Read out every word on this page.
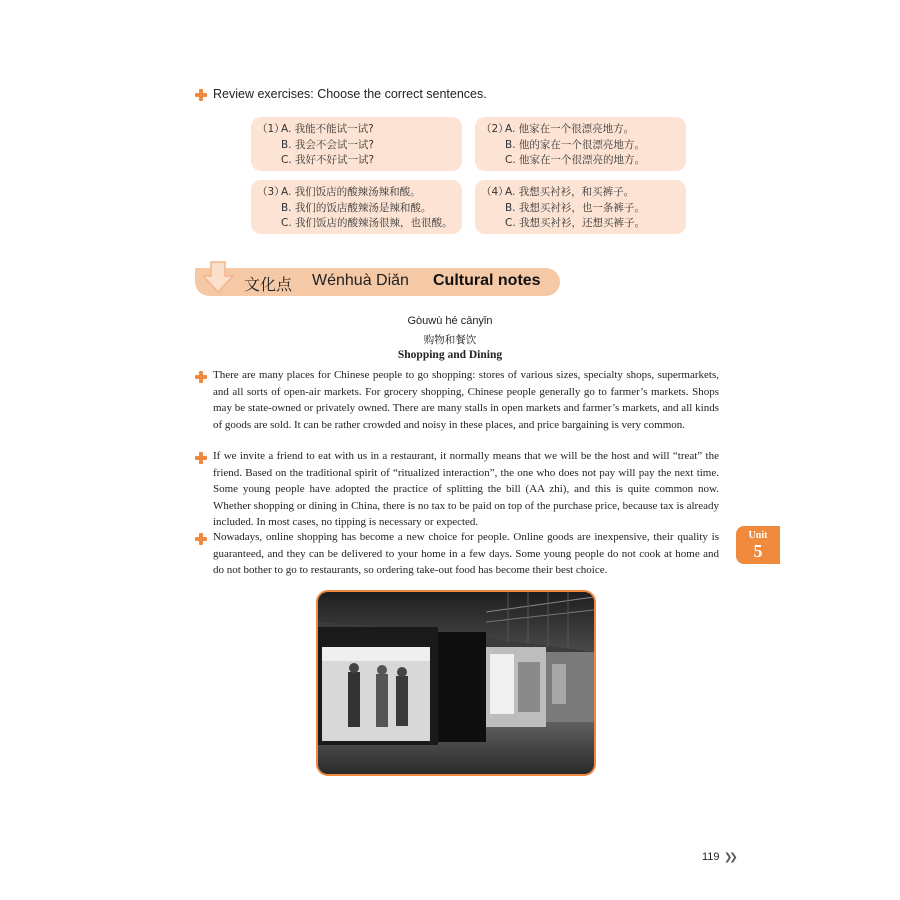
Review exercises: Choose the correct sentences.
（1）
A. 我能不能试一试?
B. 我会不会试一试?
C. 我好不好试一试?
（2）
A. 他家在一个很漂亮地方。
B. 他的家在一个很漂亮地方。
C. 他家在一个很漂亮的地方。
（3）
A. 我们饭店的酸辣汤辣和酸。
B. 我们的饭店酸辣汤是辣和酸。
C. 我们饭店的酸辣汤很辣，也很酸。
（4）
A. 我想买衬衫，和买裤子。
B. 我想买衬衫，也一条裤子。
C. 我想买衬衫，还想买裤子。
文化点 Wénhuà Diǎn Cultural notes
Gòuwù hé cānyǐn
购物和餐饮
Shopping and Dining
There are many places for Chinese people to go shopping: stores of various sizes, specialty shops, supermarkets, and all sorts of open-air markets. For grocery shopping, Chinese people generally go to farmer’s markets. Shops may be state-owned or privately owned. There are many stalls in open markets and farmer’s markets, and all kinds of goods are sold. It can be rather crowded and noisy in these places, and price bargaining is very common.
If we invite a friend to eat with us in a restaurant, it normally means that we will be the host and will “treat” the friend. Based on the traditional spirit of “ritualized interaction”, the one who does not pay will pay the next time. Some young people have adopted the practice of splitting the bill (AA zhi), and this is quite common now. Whether shopping or dining in China, there is no tax to be paid on top of the purchase price, because tax is already included. In most cases, no tipping is necessary or expected.
Nowadays, online shopping has become a new choice for people. Online goods are inexpensive, their quality is guaranteed, and they can be delivered to your home in a few days. Some young people do not cook at home and do not bother to go to restaurants, so ordering take-out food has become their best choice.
Unit
5
119 ❯❯
